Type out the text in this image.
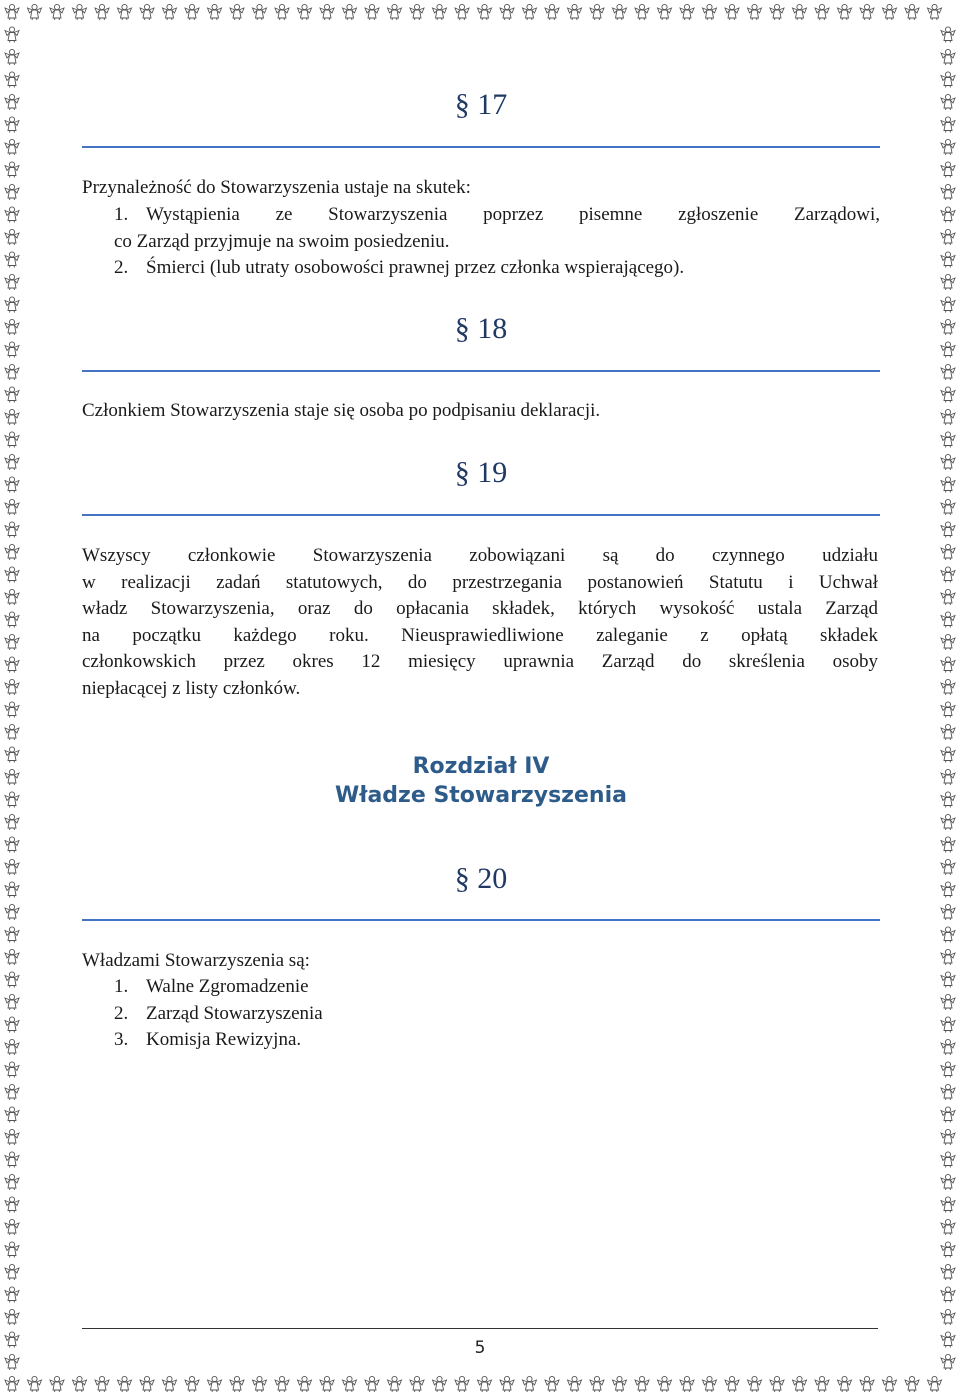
§ 17
Przynależność do Stowarzyszenia ustaje na skutek:
1. Wystąpienia ze Stowarzyszenia poprzez pisemne zgłoszenie Zarządowi,
co Zarząd przyjmuje na swoim posiedzeniu.
2. Śmierci (lub utraty osobowości prawnej przez członka wspierającego).
§ 18
Członkiem Stowarzyszenia staje się osoba po podpisaniu deklaracji.
§ 19
Wszyscy członkowie Stowarzyszenia zobowiązani są do czynnego udziału
w realizacji zadań statutowych, do przestrzegania postanowień Statutu i Uchwał
władz Stowarzyszenia, oraz do opłacania składek, których wysokość ustala Zarząd
na początku każdego roku. Nieusprawiedliwione zaleganie z opłatą składek
członkowskich przez okres 12 miesięcy uprawnia Zarząd do skreślenia osoby
niepłacącej z listy członków.
Rozdział IV
Władze Stowarzyszenia
§ 20
Władzami Stowarzyszenia są:
1. Walne Zgromadzenie
2. Zarząd Stowarzyszenia
3. Komisja Rewizyjna.
5
